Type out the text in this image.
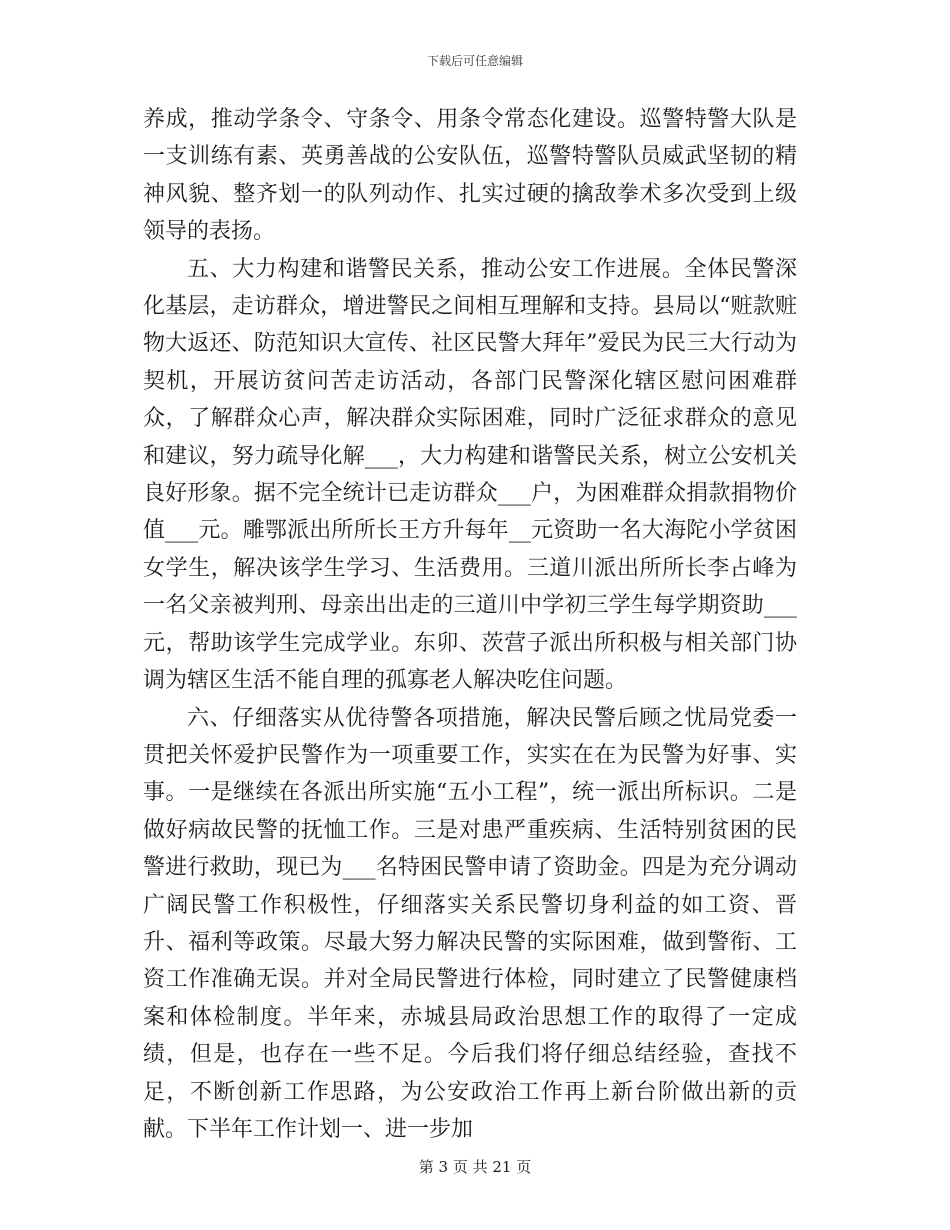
下载后可任意编辑

养成，推动学条令、守条令、用条令常态化建设。巡警特警大队是一支训练有素、英勇善战的公安队伍，巡警特警队员威武坚韧的精神风貌、整齐划一的队列动作、扎实过硬的擒敌拳术多次受到上级领导的表扬。

五、大力构建和谐警民关系，推动公安工作进展。全体民警深化基层，走访群众，增进警民之间相互理解和支持。县局以“赃款赃物大返还、防范知识大宣传、社区民警大拜年”爱民为民三大行动为契机，开展访贫问苦走访活动，各部门民警深化辖区慰问困难群众，了解群众心声，解决群众实际困难，同时广泛征求群众的意见和建议，努力疏导化解___，大力构建和谐警民关系，树立公安机关良好形象。据不完全统计已走访群众___户，为困难群众捐款捐物价值___元。雕鄂派出所所长王方升每年__元资助一名大海陀小学贫困女学生，解决该学生学习、生活费用。三道川派出所所长李占峰为一名父亲被判刑、母亲出出走的三道川中学初三学生每学期资助___元，帮助该学生完成学业。东卯、茨营子派出所积极与相关部门协调为辖区生活不能自理的孤寡老人解决吃住问题。

六、仔细落实从优待警各项措施，解决民警后顾之忧局党委一贯把关怀爱护民警作为一项重要工作，实实在在为民警为好事、实事。一是继续在各派出所实施“五小工程”，统一派出所标识。二是做好病故民警的抚恤工作。三是对患严重疾病、生活特别贫困的民警进行救助，现已为___名特困民警申请了资助金。四是为充分调动广阔民警工作积极性，仔细落实关系民警切身利益的如工资、晋升、福利等政策。尽最大努力解决民警的实际困难，做到警衔、工资工作准确无误。并对全局民警进行体检，同时建立了民警健康档案和体检制度。半年来，赤城县局政治思想工作的取得了一定成绩，但是，也存在一些不足。今后我们将仔细总结经验，查找不足，不断创新工作思路，为公安政治工作再上新台阶做出新的贡献。下半年工作计划一、进一步加

第 3 页 共 21 页
